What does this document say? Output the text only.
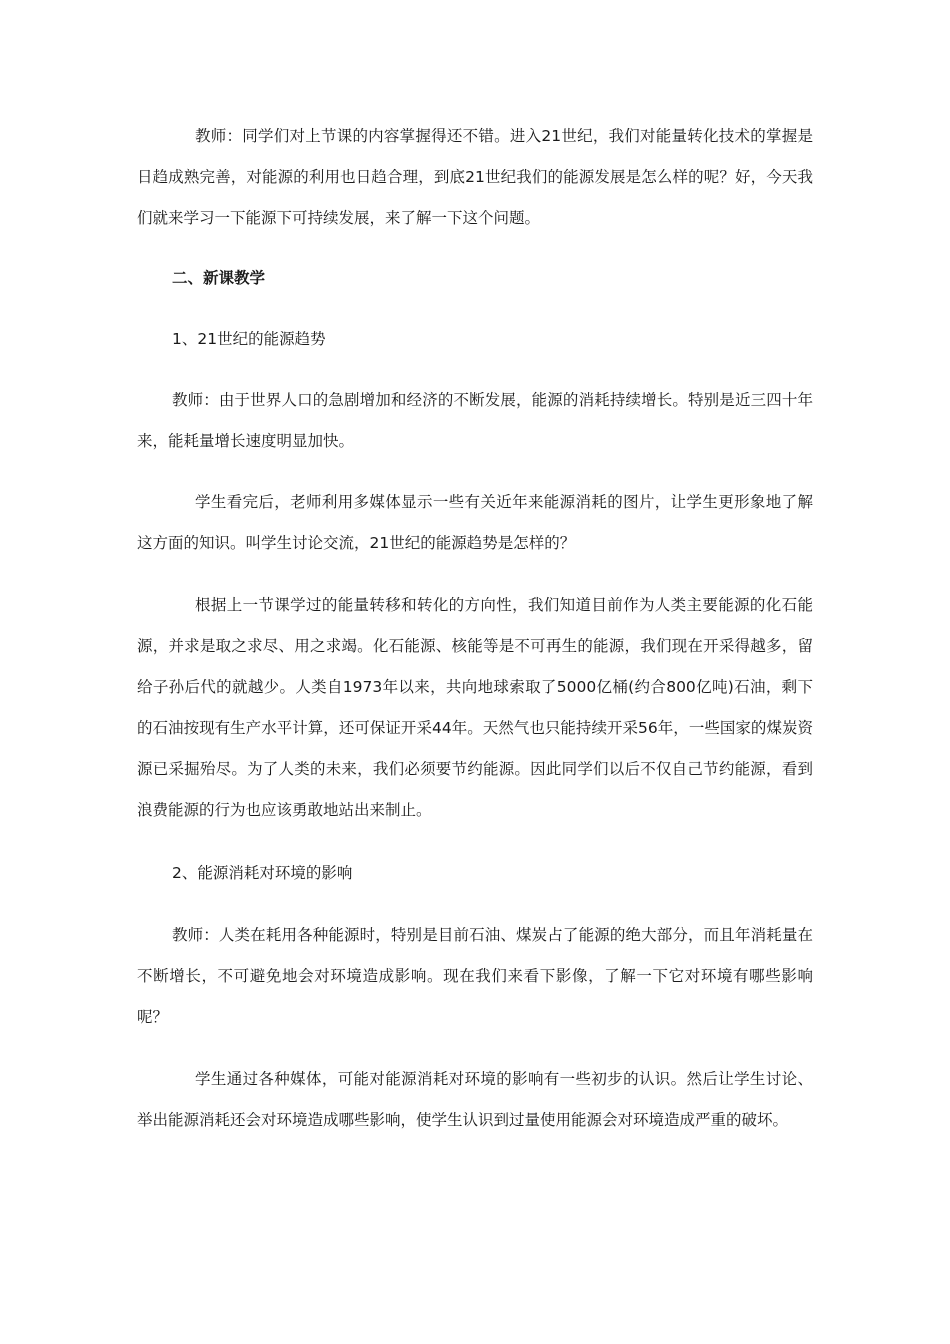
教师：同学们对上节课的内容掌握得还不错。进入21世纪，我们对能量转化技术的掌握是日趋成熟完善，对能源的利用也日趋合理，到底21世纪我们的能源发展是怎么样的呢？好，今天我们就来学习一下能源下可持续发展，来了解一下这个问题。

二、新课教学

1、21世纪的能源趋势

教师：由于世界人口的急剧增加和经济的不断发展，能源的消耗持续增长。特别是近三四十年来，能耗量增长速度明显加快。

学生看完后，老师利用多媒体显示一些有关近年来能源消耗的图片，让学生更形象地了解这方面的知识。叫学生讨论交流，21世纪的能源趋势是怎样的？

根据上一节课学过的能量转移和转化的方向性，我们知道目前作为人类主要能源的化石能源，并求是取之求尽、用之求竭。化石能源、核能等是不可再生的能源，我们现在开采得越多，留给子孙后代的就越少。人类自1973年以来，共向地球索取了5000亿桶(约合800亿吨)石油，剩下的石油按现有生产水平计算，还可保证开采44年。天然气也只能持续开采56年，一些国家的煤炭资源已采掘殆尽。为了人类的未来，我们必须要节约能源。因此同学们以后不仅自己节约能源，看到浪费能源的行为也应该勇敢地站出来制止。

2、能源消耗对环境的影响

教师：人类在耗用各种能源时，特别是目前石油、煤炭占了能源的绝大部分，而且年消耗量在不断增长，不可避免地会对环境造成影响。现在我们来看下影像，了解一下它对环境有哪些影响呢？

学生通过各种媒体，可能对能源消耗对环境的影响有一些初步的认识。然后让学生讨论、举出能源消耗还会对环境造成哪些影响，使学生认识到过量使用能源会对环境造成严重的破坏。
